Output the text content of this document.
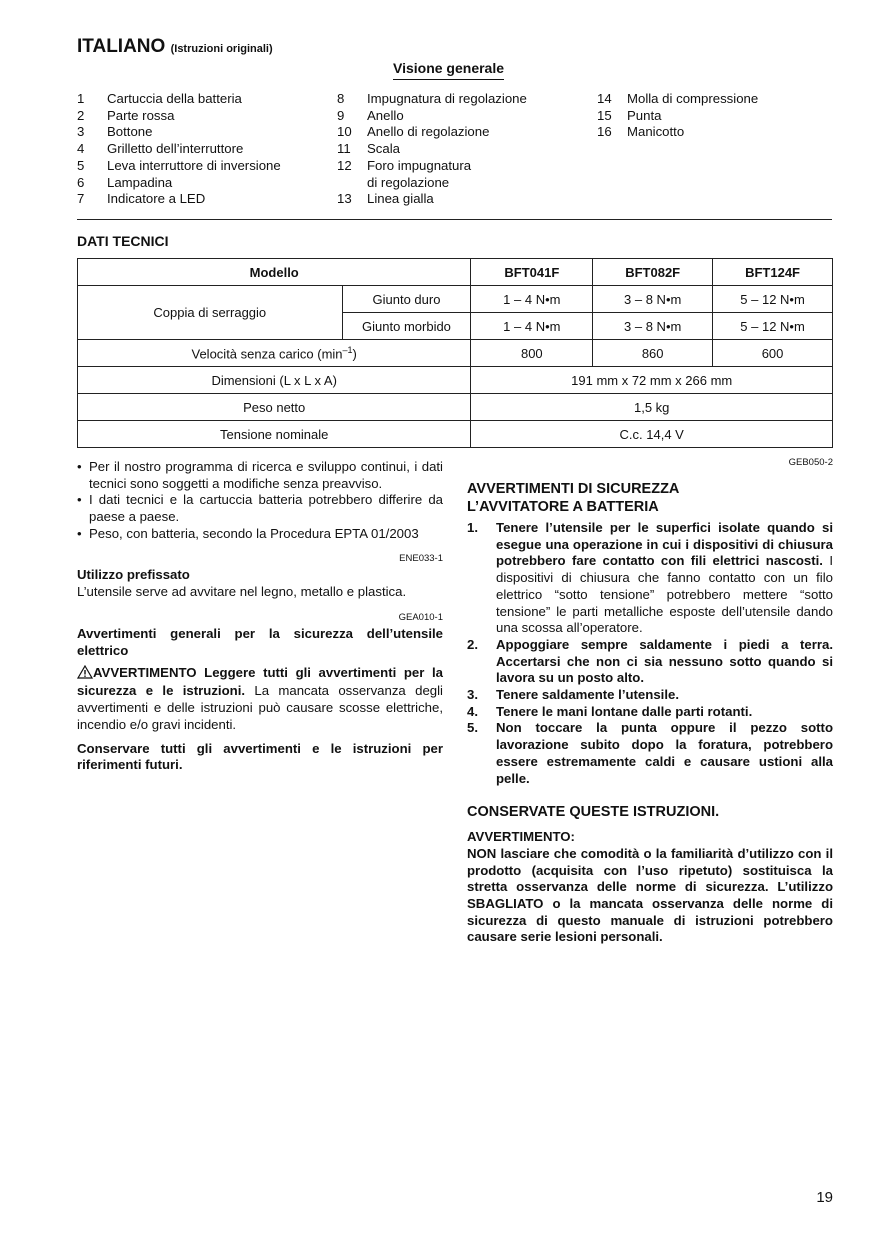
ITALIANO (Istruzioni originali)
Visione generale
1	Cartuccia della batteria
2	Parte rossa
3	Bottone
4	Grilletto dell’interruttore
5	Leva interruttore di inversione
6	Lampadina
7	Indicatore a LED
8	Impugnatura di regolazione
9	Anello
10	Anello di regolazione
11	Scala
12	Foro impugnatura
di regolazione
13	Linea gialla
14	Molla di compressione
15	Punta
16	Manicotto
DATI TECNICI
Modello		BFT041F	BFT082F	BFT124F
Coppia di serraggio	Giunto duro	1 – 4 N•m	3 – 8 N•m	5 – 12 N•m
	Giunto morbido	1 – 4 N•m	3 – 8 N•m	5 – 12 N•m
Velocità senza carico $(\min^{-1})$		800	860	600
Dimensioni (L x L x A)		191 mm x 72 mm x 266 mm		
Peso netto		1,5 kg		
Tensione nominale		C.c. 14,4 V		
• Per il nostro programma di ricerca e sviluppo continui, i dati tecnici sono soggetti a modifiche senza preavviso.
• I dati tecnici e la cartuccia batteria potrebbero differire da paese a paese.
• Peso, con batteria, secondo la Procedura EPTA 01/2003
ENE033-1
Utilizzo prefissato
L’utensile serve ad avvitare nel legno, metallo e plastica.
GEA010-1
Avvertimenti generali per la sicurezza dell’utensile elettrico
AVVERTIMENTO Leggere tutti gli avvertimenti per la sicurezza e le istruzioni. La mancata osservanza degli avvertimenti e delle istruzioni può causare scosse elettriche, incendio e/o gravi incidenti.
Conservare tutti gli avvertimenti e le istruzioni per riferimenti futuri.
GEB050-2
AVVERTIMENTI DI SICUREZZA
L’AVVITATORE A BATTERIA
1.	Tenere l’utensile per le superfici isolate quando si esegue una operazione in cui i dispositivi di chiusura potrebbero fare contatto con fili elettrici nascosti. I dispositivi di chiusura che fanno contatto con un filo elettrico “sotto tensione” potrebbero mettere “sotto tensione” le parti metalliche esposte dell’utensile dando una scossa all’operatore.
2.	Appoggiare sempre saldamente i piedi a terra. Accertarsi che non ci sia nessuno sotto quando si lavora su un posto alto.
3.	Tenere saldamente l’utensile.
4.	Tenere le mani lontane dalle parti rotanti.
5.	Non toccare la punta oppure il pezzo sotto lavorazione subito dopo la foratura, potrebbero essere estremamente caldi e causare ustioni alla pelle.
CONSERVATE QUESTE ISTRUZIONI.
AVVERTIMENTO:
NON lasciare che comodità o la familiarità d’utilizzo con il prodotto (acquisita con l’uso ripetuto) sostituisca la stretta osservanza delle norme di sicurezza. L’utilizzo SBAGLIATO o la mancata osservanza delle norme di sicurezza di questo manuale di istruzioni potrebbero causare serie lesioni personali.
19
